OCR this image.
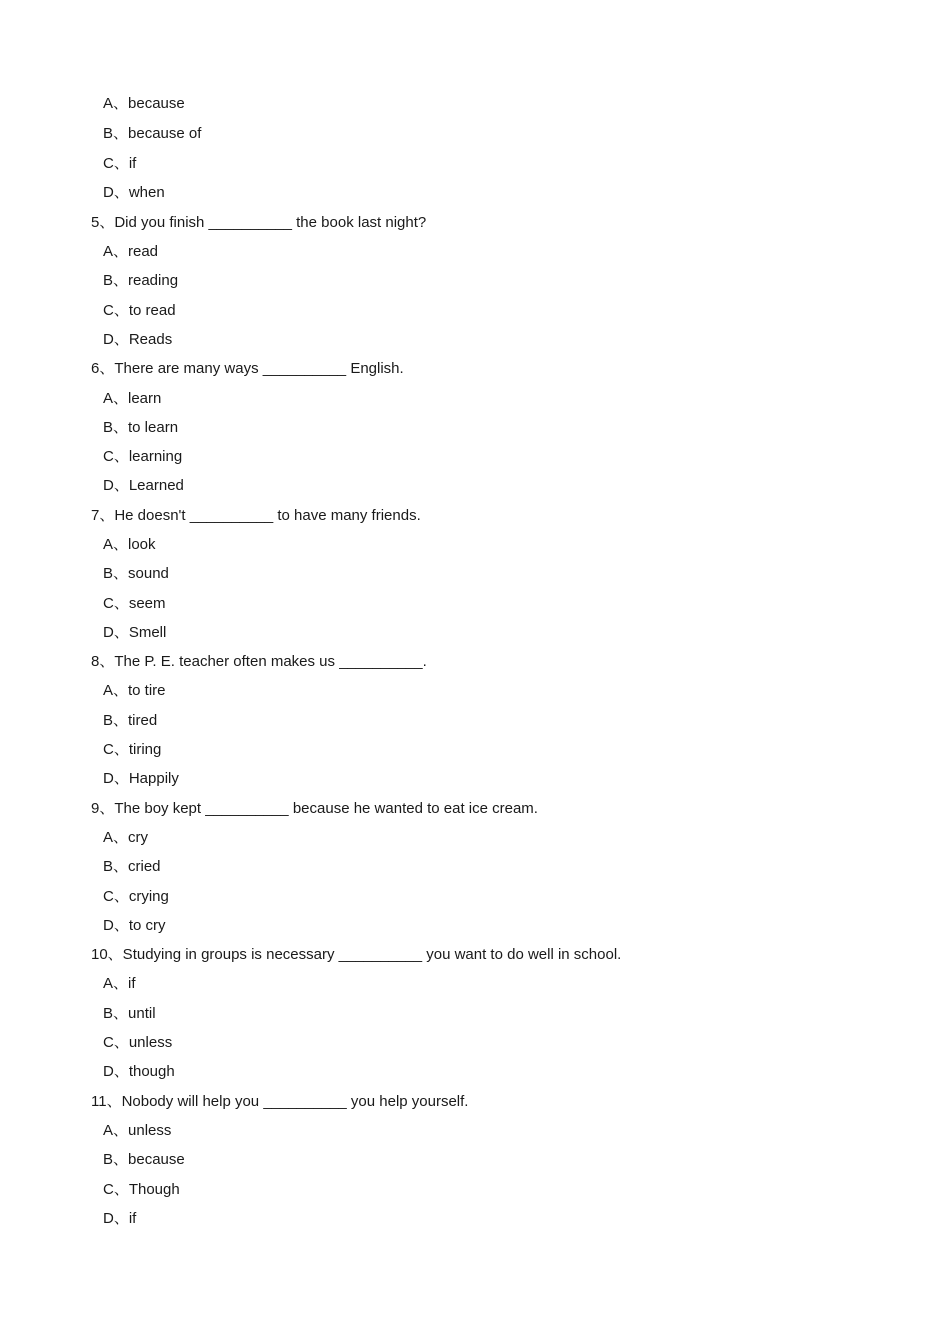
A、because
B、because of
C、if
D、when
5、Did you finish __________ the book last night?
A、read
B、reading
C、to read
D、Reads
6、There are many ways __________ English.
A、learn
B、to learn
C、learning
D、Learned
7、He doesn't __________ to have many friends.
A、look
B、sound
C、seem
D、Smell
8、The P. E. teacher often makes us __________.
A、to tire
B、tired
C、tiring
D、Happily
9、The boy kept __________ because he wanted to eat ice cream.
A、cry
B、cried
C、crying
D、to cry
10、Studying in groups is necessary __________ you want to do well in school.
A、if
B、until
C、unless
D、though
11、Nobody will help you __________ you help yourself.
A、unless
B、because
C、Though
D、if
